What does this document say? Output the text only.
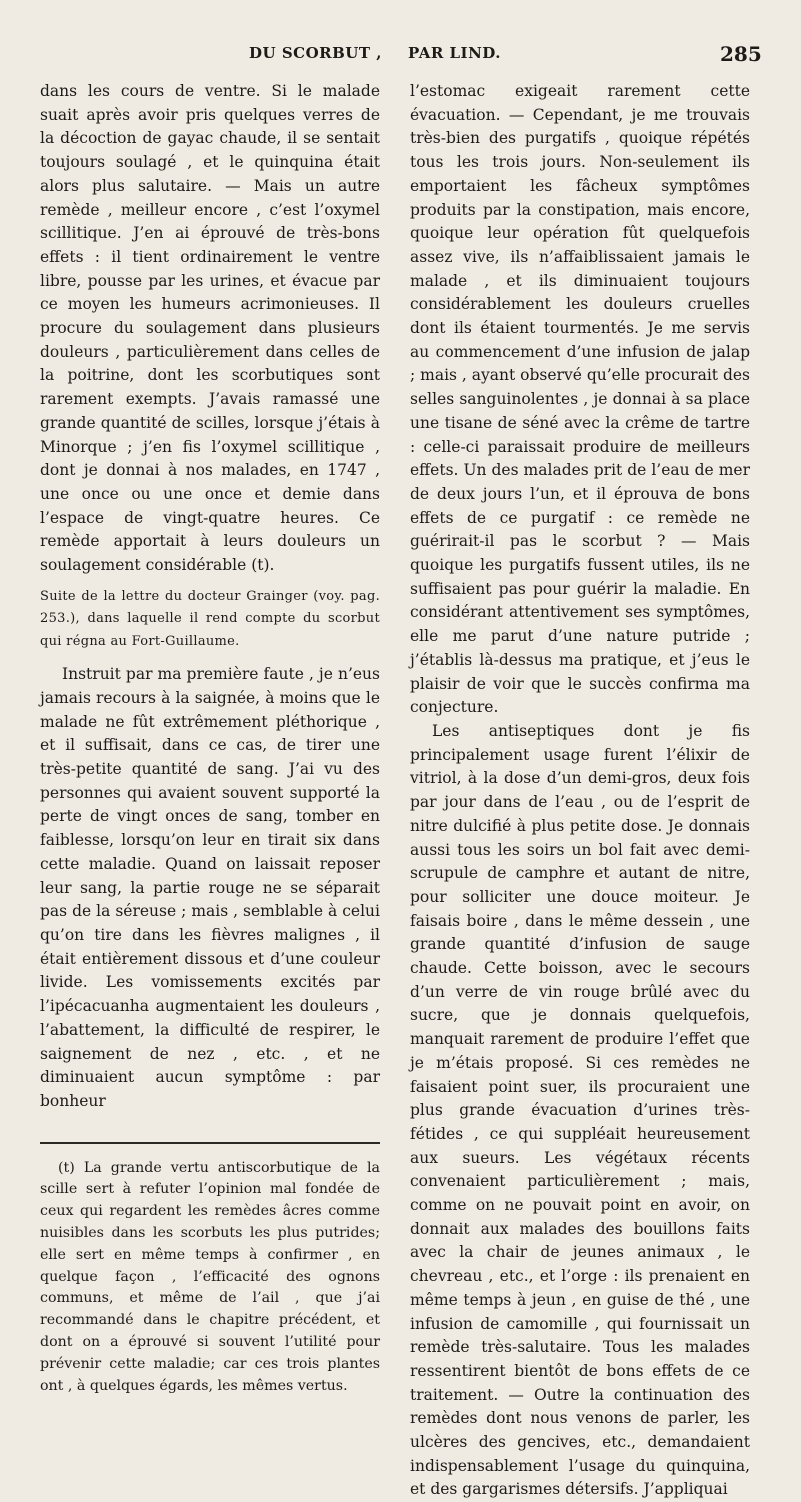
DU SCORBUT , PAR LIND.	285

dans les cours de ventre. Si le malade suait après avoir pris quelques verres de la décoction de gayac chaude, il se sentait toujours soulagé , et le quinquina était alors plus salutaire. — Mais un autre remède , meilleur encore , c’est l’oxymel scillitique. J’en ai éprouvé de très-bons effets : il tient ordinairement le ventre libre, pousse par les urines, et évacue par ce moyen les humeurs acrimonieuses. Il procure du soulagement dans plusieurs douleurs , particulièrement dans celles de la poitrine, dont les scorbutiques sont rarement exempts. J’avais ramassé une grande quantité de scilles, lorsque j’étais à Minorque ; j’en fis l’oxymel scillitique , dont je donnai à nos malades, en 1747 , une once ou une once et demie dans l’espace de vingt-quatre heures. Ce remède apportait à leurs douleurs un soulagement considérable (t).

Suite de la lettre du docteur Grainger (voy. pag. 253.), dans laquelle il rend compte du scorbut qui régna au Fort-Guillaume.

Instruit par ma première faute , je n’eus jamais recours à la saignée, à moins que le malade ne fût extrêmement pléthorique , et il suffisait, dans ce cas, de tirer une très-petite quantité de sang. J’ai vu des personnes qui avaient souvent supporté la perte de vingt onces de sang, tomber en faiblesse, lorsqu’on leur en tirait six dans cette maladie. Quand on laissait reposer leur sang, la partie rouge ne se séparait pas de la séreuse ; mais , semblable à celui qu’on tire dans les fièvres malignes , il était entièrement dissous et d’une couleur livide. Les vomissements excités par l’ipécacuanha augmentaient les douleurs , l’abattement, la difficulté de respirer, le saignement de nez , etc. , et ne diminuaient aucun symptôme : par bonheur

(t) La grande vertu antiscorbutique de la scille sert à refuter l’opinion mal fondée de ceux qui regardent les remèdes âcres comme nuisibles dans les scorbuts les plus putrides; elle sert en même temps à confirmer , en quelque façon , l’efficacité des ognons communs, et même de l’ail , que j’ai recommandé dans le chapitre précédent, et dont on a éprouvé si souvent l’utilité pour prévenir cette maladie; car ces trois plantes ont , à quelques égards, les mêmes vertus.

l’estomac exigeait rarement cette évacuation. — Cependant, je me trouvais très-bien des purgatifs , quoique répétés tous les trois jours. Non-seulement ils emportaient les fâcheux symptômes produits par la constipation, mais encore, quoique leur opération fût quelquefois assez vive, ils n’affaiblissaient jamais le malade , et ils diminuaient toujours considérablement les douleurs cruelles dont ils étaient tourmentés. Je me servis au commencement d’une infusion de jalap ; mais , ayant observé qu’elle procurait des selles sanguinolentes , je donnai à sa place une tisane de séné avec la crême de tartre : celle-ci paraissait produire de meilleurs effets. Un des malades prit de l’eau de mer de deux jours l’un, et il éprouva de bons effets de ce purgatif : ce remède ne guérirait-il pas le scorbut ? — Mais quoique les purgatifs fussent utiles, ils ne suffisaient pas pour guérir la maladie. En considérant attentivement ses symptômes, elle me parut d’une nature putride ; j’établis là-dessus ma pratique, et j’eus le plaisir de voir que le succès confirma ma conjecture.

Les antiseptiques dont je fis principalement usage furent l’élixir de vitriol, à la dose d’un demi-gros, deux fois par jour dans de l’eau , ou de l’esprit de nitre dulcifié à plus petite dose. Je donnais aussi tous les soirs un bol fait avec demi-scrupule de camphre et autant de nitre, pour solliciter une douce moiteur. Je faisais boire , dans le même dessein , une grande quantité d’infusion de sauge chaude. Cette boisson, avec le secours d’un verre de vin rouge brûlé avec du sucre, que je donnais quelquefois, manquait rarement de produire l’effet que je m’étais proposé. Si ces remèdes ne faisaient point suer, ils procuraient une plus grande évacuation d’urines très-fétides , ce qui suppléait heureusement aux sueurs. Les végétaux récents convenaient particulièrement ; mais, comme on ne pouvait point en avoir, on donnait aux malades des bouillons faits avec la chair de jeunes animaux , le chevreau , etc., et l’orge : ils prenaient en même temps à jeun , en guise de thé , une infusion de camomille , qui fournissait un remède très-salutaire. Tous les malades ressentirent bientôt de bons effets de ce traitement. — Outre la continuation des remèdes dont nous venons de parler, les ulcères des gencives, etc., demandaient indispensablement l’usage du quinquina, et des gargarismes détersifs. J’appliquai
